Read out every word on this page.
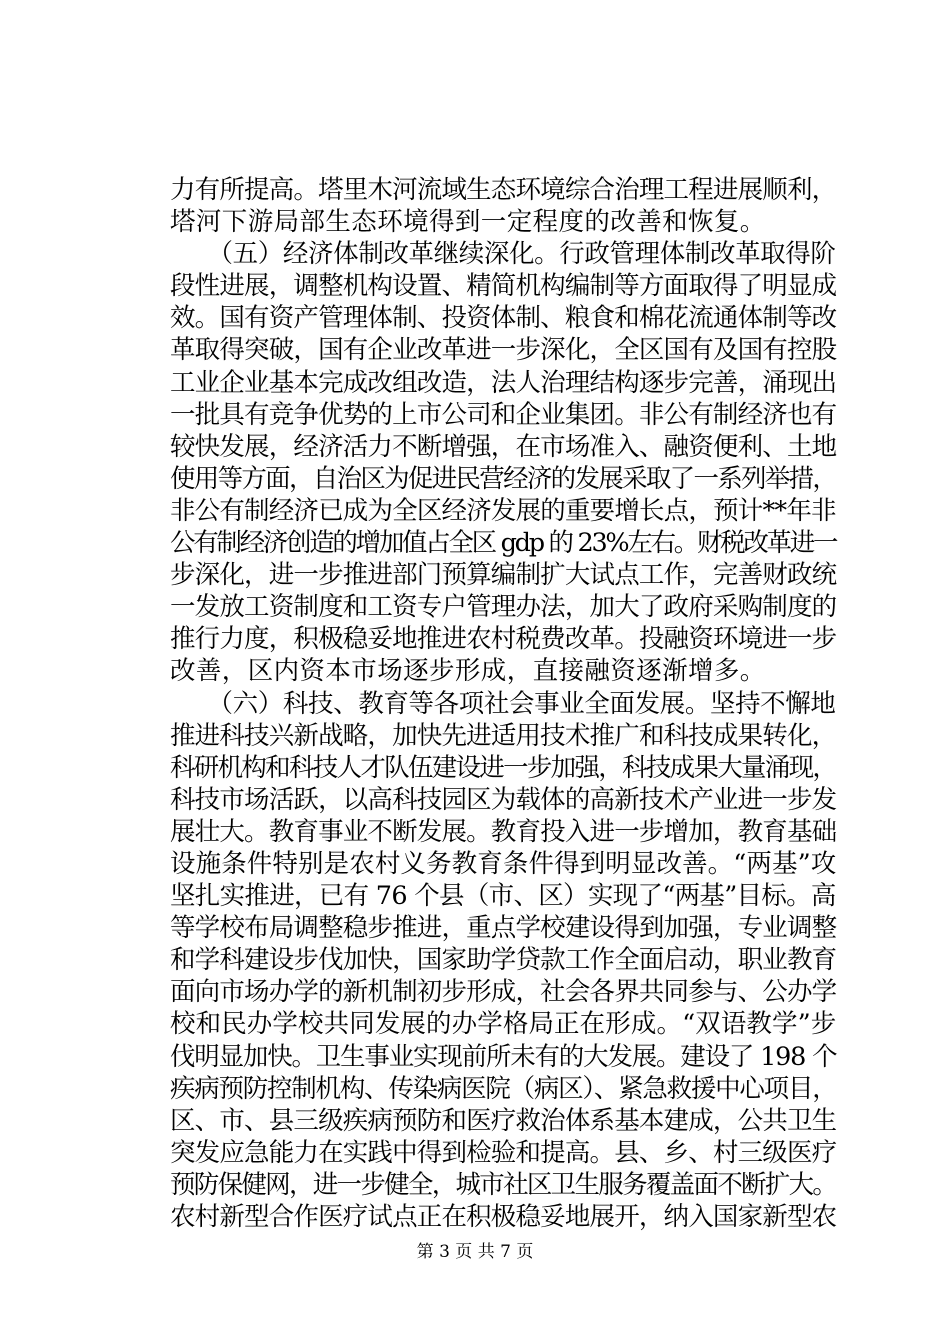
力有所提高。塔里木河流域生态环境综合治理工程进展顺利，
塔河下游局部生态环境得到一定程度的改善和恢复。
　　（五）经济体制改革继续深化。行政管理体制改革取得阶
段性进展，调整机构设置、精简机构编制等方面取得了明显成
效。国有资产管理体制、投资体制、粮食和棉花流通体制等改
革取得突破，国有企业改革进一步深化，全区国有及国有控股
工业企业基本完成改组改造，法人治理结构逐步完善，涌现出
一批具有竞争优势的上市公司和企业集团。非公有制经济也有
较快发展，经济活力不断增强，在市场准入、融资便利、土地
使用等方面，自治区为促进民营经济的发展采取了一系列举措，
非公有制经济已成为全区经济发展的重要增长点，预计**年非
公有制经济创造的增加值占全区 gdp 的 23%左右。财税改革进一
步深化，进一步推进部门预算编制扩大试点工作，完善财政统
一发放工资制度和工资专户管理办法，加大了政府采购制度的
推行力度，积极稳妥地推进农村税费改革。投融资环境进一步
改善，区内资本市场逐步形成，直接融资逐渐增多。
　　（六）科技、教育等各项社会事业全面发展。坚持不懈地
推进科技兴新战略，加快先进适用技术推广和科技成果转化，
科研机构和科技人才队伍建设进一步加强，科技成果大量涌现，
科技市场活跃，以高科技园区为载体的高新技术产业进一步发
展壮大。教育事业不断发展。教育投入进一步增加，教育基础
设施条件特别是农村义务教育条件得到明显改善。“两基”攻
坚扎实推进，已有 76 个县（市、区）实现了“两基”目标。高
等学校布局调整稳步推进，重点学校建设得到加强，专业调整
和学科建设步伐加快，国家助学贷款工作全面启动，职业教育
面向市场办学的新机制初步形成，社会各界共同参与、公办学
校和民办学校共同发展的办学格局正在形成。“双语教学”步
伐明显加快。卫生事业实现前所未有的大发展。建设了 198 个
疾病预防控制机构、传染病医院（病区）、紧急救援中心项目，
区、市、县三级疾病预防和医疗救治体系基本建成，公共卫生
突发应急能力在实践中得到检验和提高。县、乡、村三级医疗
预防保健网，进一步健全，城市社区卫生服务覆盖面不断扩大。
农村新型合作医疗试点正在积极稳妥地展开，纳入国家新型农
第 3 页 共 7 页
